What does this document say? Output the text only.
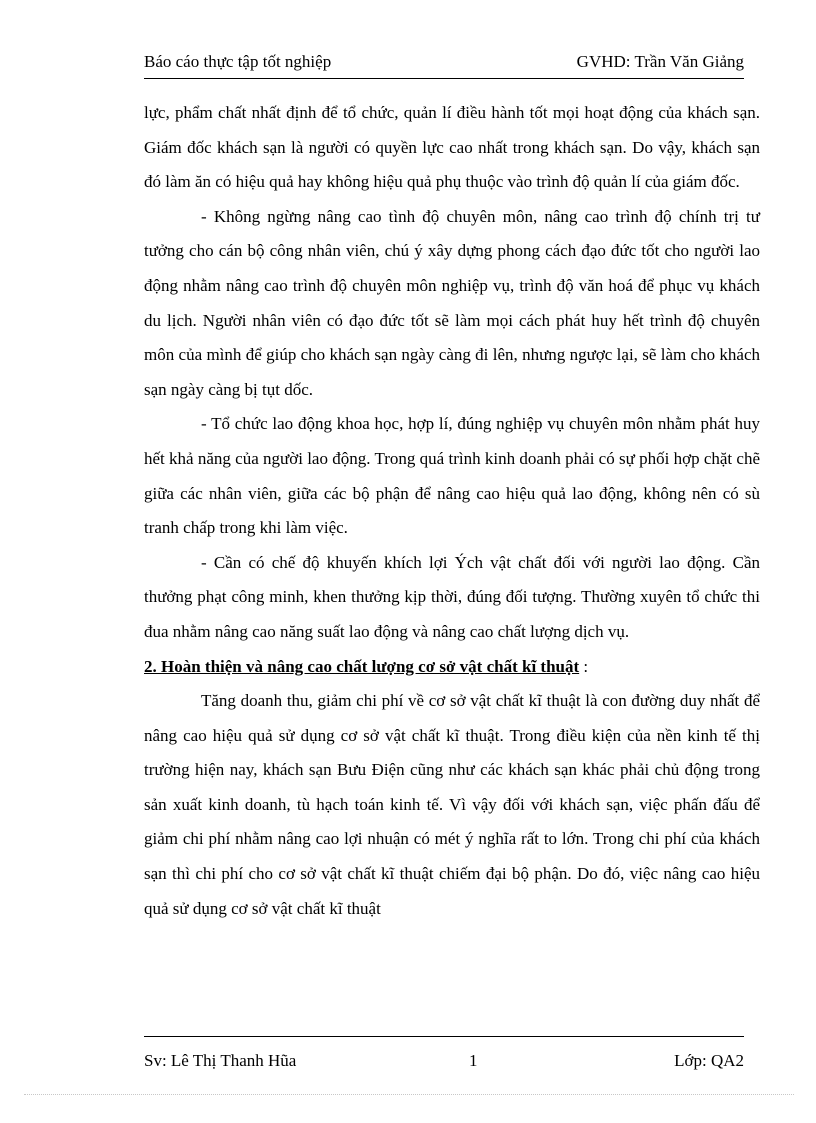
Báo cáo thực tập tốt nghiệp	GVHD: Trần Văn Giảng

lực, phẩm chất nhất định để tổ chức, quản lí điều hành tốt mọi hoạt động của khách sạn. Giám đốc khách sạn là người có quyền lực cao nhất trong khách sạn. Do vậy, khách sạn đó làm ăn có hiệu quả hay không hiệu quả phụ thuộc vào trình độ quản lí của giám đốc.

- Không ngừng nâng cao tình độ chuyên môn, nâng cao trình độ chính trị tư tưởng cho cán bộ công nhân viên, chú ý xây dựng phong cách đạo đức tốt cho người lao động nhằm nâng cao trình độ chuyên môn nghiệp vụ, trình độ văn hoá để phục vụ khách du lịch. Người nhân viên có đạo đức tốt sẽ làm mọi cách phát huy hết trình độ chuyên môn của mình để giúp cho khách sạn ngày càng đi lên, nhưng ngược lại, sẽ làm cho khách sạn ngày càng bị tụt dốc.

- Tổ chức lao động khoa học, hợp lí, đúng nghiệp vụ chuyên môn nhằm phát huy hết khả năng của người lao động. Trong quá trình kinh doanh phải có sự phối hợp chặt chẽ giữa các nhân viên, giữa các bộ phận để nâng cao hiệu quả lao động, không nên có sù tranh chấp trong khi làm việc.

- Cần có chế độ khuyến khích lợi Ých vật chất đối với người lao động. Cần thưởng phạt công minh, khen thưởng kịp thời, đúng đối tượng. Thường xuyên tổ chức thi đua nhằm nâng cao năng suất lao động và nâng cao chất lượng dịch vụ.

2. Hoàn thiện và nâng cao chất lượng cơ sở vật chất kĩ thuật :

Tăng doanh thu, giảm chi phí về cơ sở vật chất kĩ thuật là con đường duy nhất để nâng cao hiệu quả sử dụng cơ sở vật chất kĩ thuật. Trong điều kiện của nền kinh tế thị trường hiện nay, khách sạn Bưu Điện cũng như các khách sạn khác phải chủ động trong sản xuất kinh doanh, tù hạch toán kinh tế. Vì vậy đối với khách sạn, việc phấn đấu để giảm chi phí nhằm nâng cao lợi nhuận có mét ý nghĩa rất to lớn. Trong chi phí của khách sạn thì chi phí cho cơ sở vật chất kĩ thuật chiếm đại bộ phận. Do đó, việc nâng cao hiệu quả sử dụng cơ sở vật chất kĩ thuật

Sv: Lê Thị Thanh Hũa	1	Lớp: QA2
